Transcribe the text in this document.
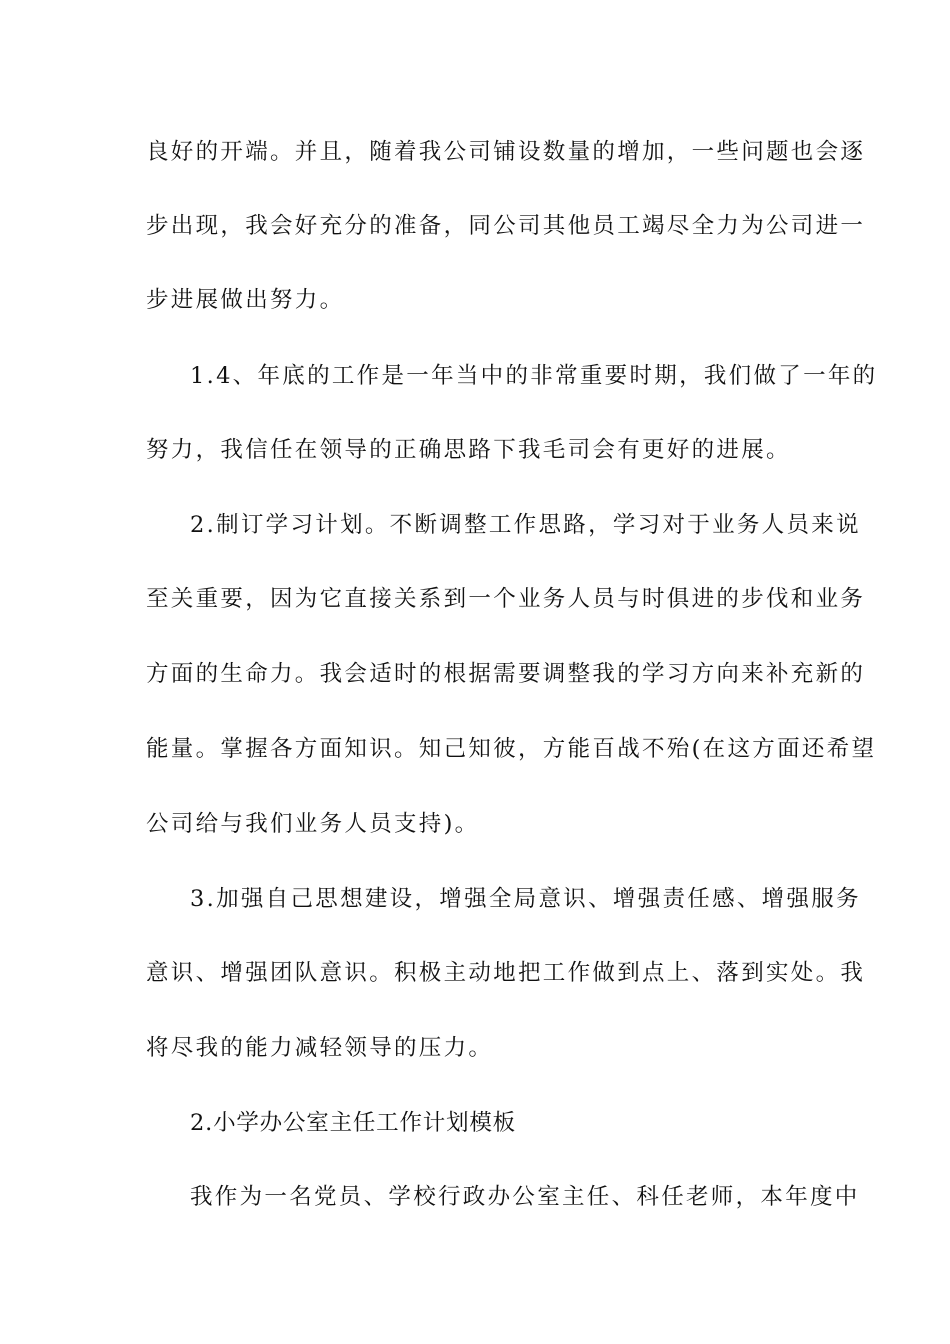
良好的开端。并且，随着我公司铺设数量的增加，一些问题也会逐
步出现，我会好充分的准备，同公司其他员工竭尽全力为公司进一
步进展做出努力。
1.4、年底的工作是一年当中的非常重要时期，我们做了一年的
努力，我信任在领导的正确思路下我毛司会有更好的进展。
2.制订学习计划。不断调整工作思路，学习对于业务人员来说
至关重要，因为它直接关系到一个业务人员与时俱进的步伐和业务
方面的生命力。我会适时的根据需要调整我的学习方向来补充新的
能量。掌握各方面知识。知己知彼，方能百战不殆(在这方面还希望
公司给与我们业务人员支持)。
3.加强自己思想建设，增强全局意识、增强责任感、增强服务
意识、增强团队意识。积极主动地把工作做到点上、落到实处。我
将尽我的能力减轻领导的压力。
2.小学办公室主任工作计划模板
我作为一名党员、学校行政办公室主任、科任老师，本年度中
